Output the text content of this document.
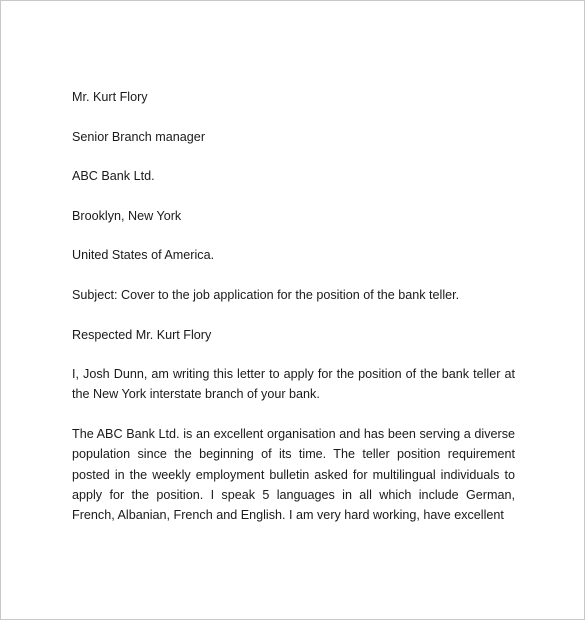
Mr. Kurt Flory
Senior Branch manager
ABC Bank Ltd.
Brooklyn, New York
United States of America.
Subject: Cover to the job application for the position of the bank teller.
Respected Mr. Kurt Flory
I, Josh Dunn, am writing this letter to apply for the position of the bank teller at the New York interstate branch of your bank.
The ABC Bank Ltd. is an excellent organisation and has been serving a diverse population since the beginning of its time. The teller position requirement posted in the weekly employment bulletin asked for multilingual individuals to apply for the position. I speak 5 languages in all which include German, French, Albanian, French and English. I am very hard working, have excellent
